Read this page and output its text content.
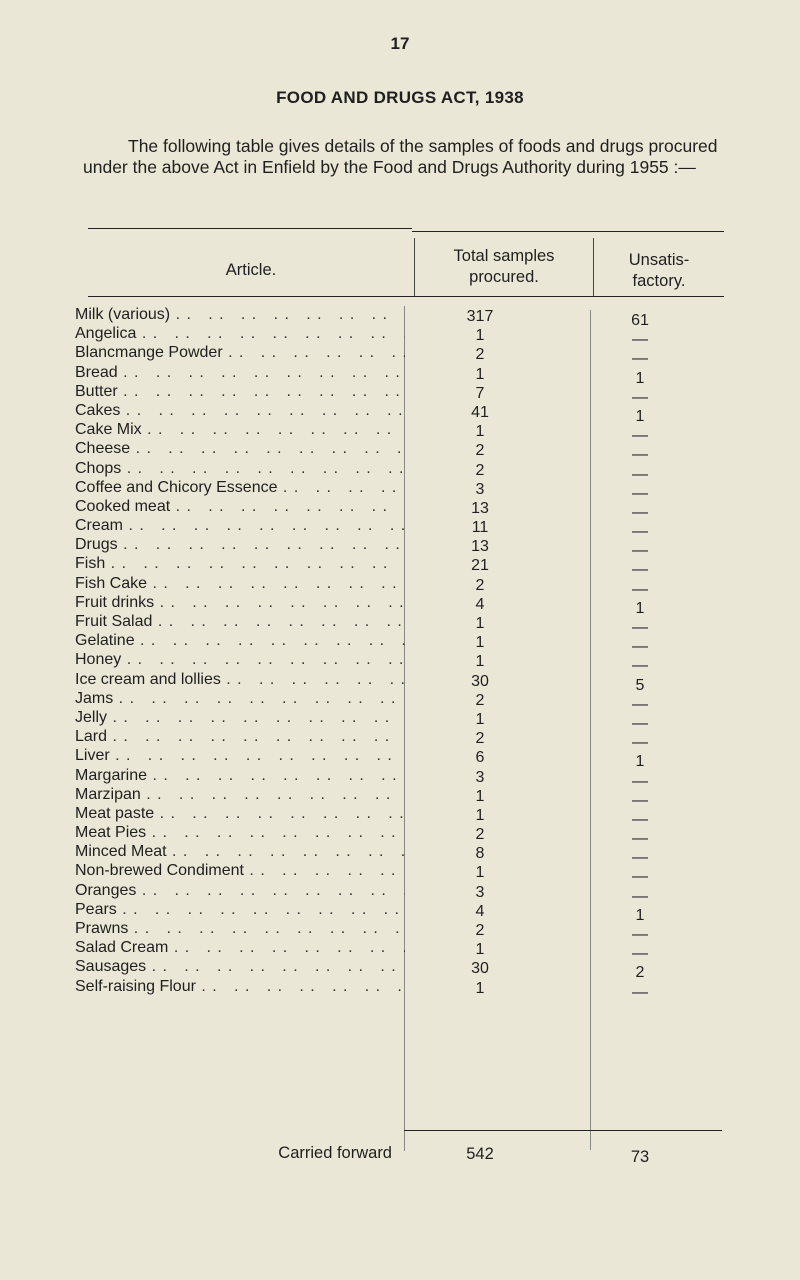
17
FOOD AND DRUGS ACT, 1938

The following table gives details of the samples of foods and drugs procured under the above Act in Enfield by the Food and Drugs Authority during 1955 :—

Article.
Total samples
procured.
Unsatis-
factory.
Milk (various) . .	317	61
Angelica . .	1	—
Blancmange Powder . .	2	—
Bread . .	1	1
Butter . .	7	—
Cakes . .	41	1
Cake Mix . .	1	—
Cheese . .	2	—
Chops . .	2	—
Coffee and Chicory Essence . .	3	—
Cooked meat . .	13	—
Cream . .	11	—
Drugs . .	13	—
Fish . .	21	—
Fish Cake . .	2	—
Fruit drinks . .	4	1
Fruit Salad . .	1	—
Gelatine . .	1	—
Honey . .	1	—
Ice cream and lollies . .	30	5
Jams . .	2	—
Jelly . .	1	—
Lard . .	2	—
Liver . .	6	1
Margarine . .	3	—
Marzipan . .	1	—
Meat paste . .	1	—
Meat Pies . .	2	—
Minced Meat . .	8	—
Non-brewed Condiment . .	1	—
Oranges . .	3	—
Pears . .	4	1
Prawns . .	2	—
Salad Cream . .	1	—
Sausages . .	30	2
Self-raising Flour . .	1	—
Carried forward	542	73
